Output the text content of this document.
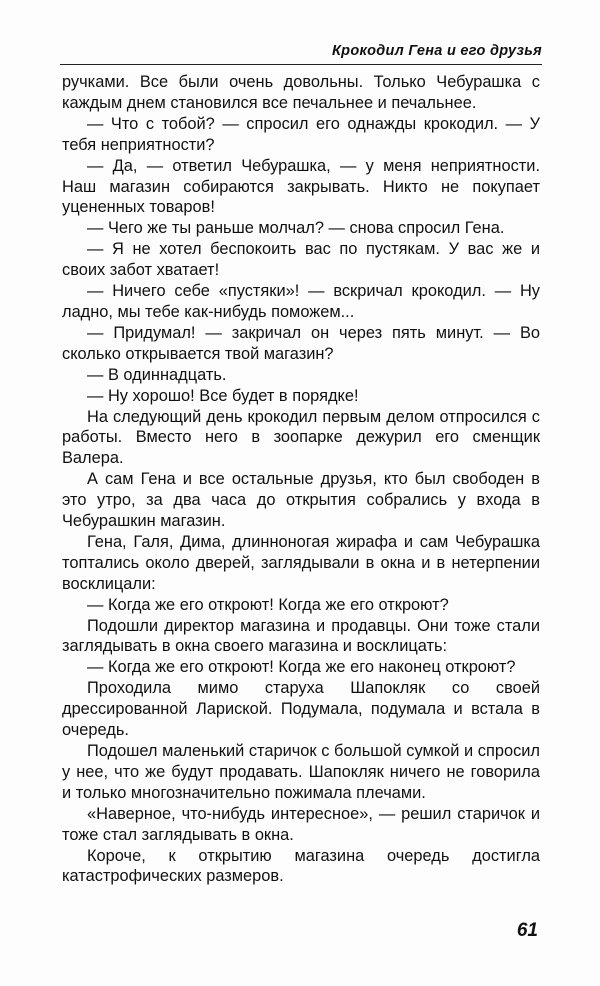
Крокодил Гена и его друзья

ручками. Все были очень довольны. Только Чебурашка с каждым днем становился все печальнее и печальнее.

— Что с тобой? — спросил его однажды крокодил. — У тебя неприятности?

— Да, — ответил Чебурашка, — у меня неприятности. Наш магазин собираются закрывать. Никто не покупает уцененных товаров!

— Чего же ты раньше молчал? — снова спросил Гена.

— Я не хотел беспокоить вас по пустякам. У вас же и своих забот хватает!

— Ничего себе «пустяки»! — вскричал крокодил. — Ну ладно, мы тебе как-нибудь поможем...

— Придумал! — закричал он через пять минут. — Во сколько открывается твой магазин?

— В одиннадцать.

— Ну хорошо! Все будет в порядке!

На следующий день крокодил первым делом отпросился с работы. Вместо него в зоопарке дежурил его сменщик Валера.

А сам Гена и все остальные друзья, кто был свободен в это утро, за два часа до открытия собрались у входа в Чебурашкин магазин.

Гена, Галя, Дима, длинноногая жирафа и сам Чебурашка топтались около дверей, заглядывали в окна и в нетерпении восклицали:

— Когда же его откроют! Когда же его откроют?

Подошли директор магазина и продавцы. Они тоже стали заглядывать в окна своего магазина и восклицать:

— Когда же его откроют! Когда же его наконец откроют?

Проходила мимо старуха Шапокляк со своей дрессированной Лариской. Подумала, подумала и встала в очередь.

Подошел маленький старичок с большой сумкой и спросил у нее, что же будут продавать. Шапокляк ничего не говорила и только многозначительно пожимала плечами.

«Наверное, что-нибудь интересное», — решил старичок и тоже стал заглядывать в окна.

Короче, к открытию магазина очередь достигла катастрофических размеров.

61
